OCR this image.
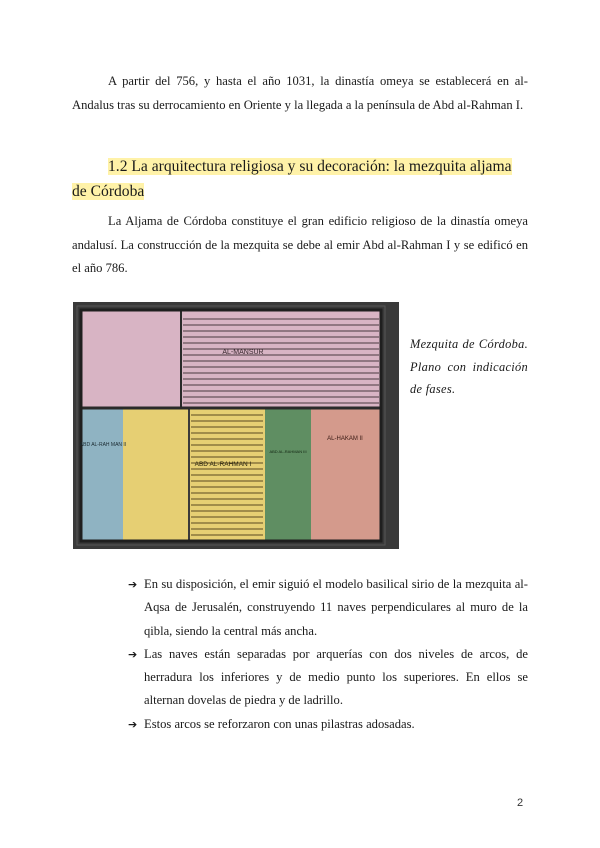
A partir del 756, y hasta el año 1031, la dinastía omeya se establecerá en al-Andalus tras su derrocamiento en Oriente y la llegada a la península de Abd al-Rahman I.

1.2 La arquitectura religiosa y su decoración: la mezquita aljama de Córdoba

La Aljama de Córdoba constituye el gran edificio religioso de la dinastía omeya andalusí. La construcción de la mezquita se debe al emir Abd al-Rahman I y se edificó en el año 786.

AL-MANSUR
ABD AL-RAH MAN II
ABD AL-RAHMAN I
ABD AL-RAHMAN III
AL-HAKAM II

Mezquita de Córdoba. Plano con indicación de fases.

➔ En su disposición, el emir siguió el modelo basilical sirio de la mezquita al-Aqsa de Jerusalén, construyendo 11 naves perpendiculares al muro de la qibla, siendo la central más ancha.
➔ Las naves están separadas por arquerías con dos niveles de arcos, de herradura los inferiores y de medio punto los superiores. En ellos se alternan dovelas de piedra y de ladrillo.
➔ Estos arcos se reforzaron con unas pilastras adosadas.
2
